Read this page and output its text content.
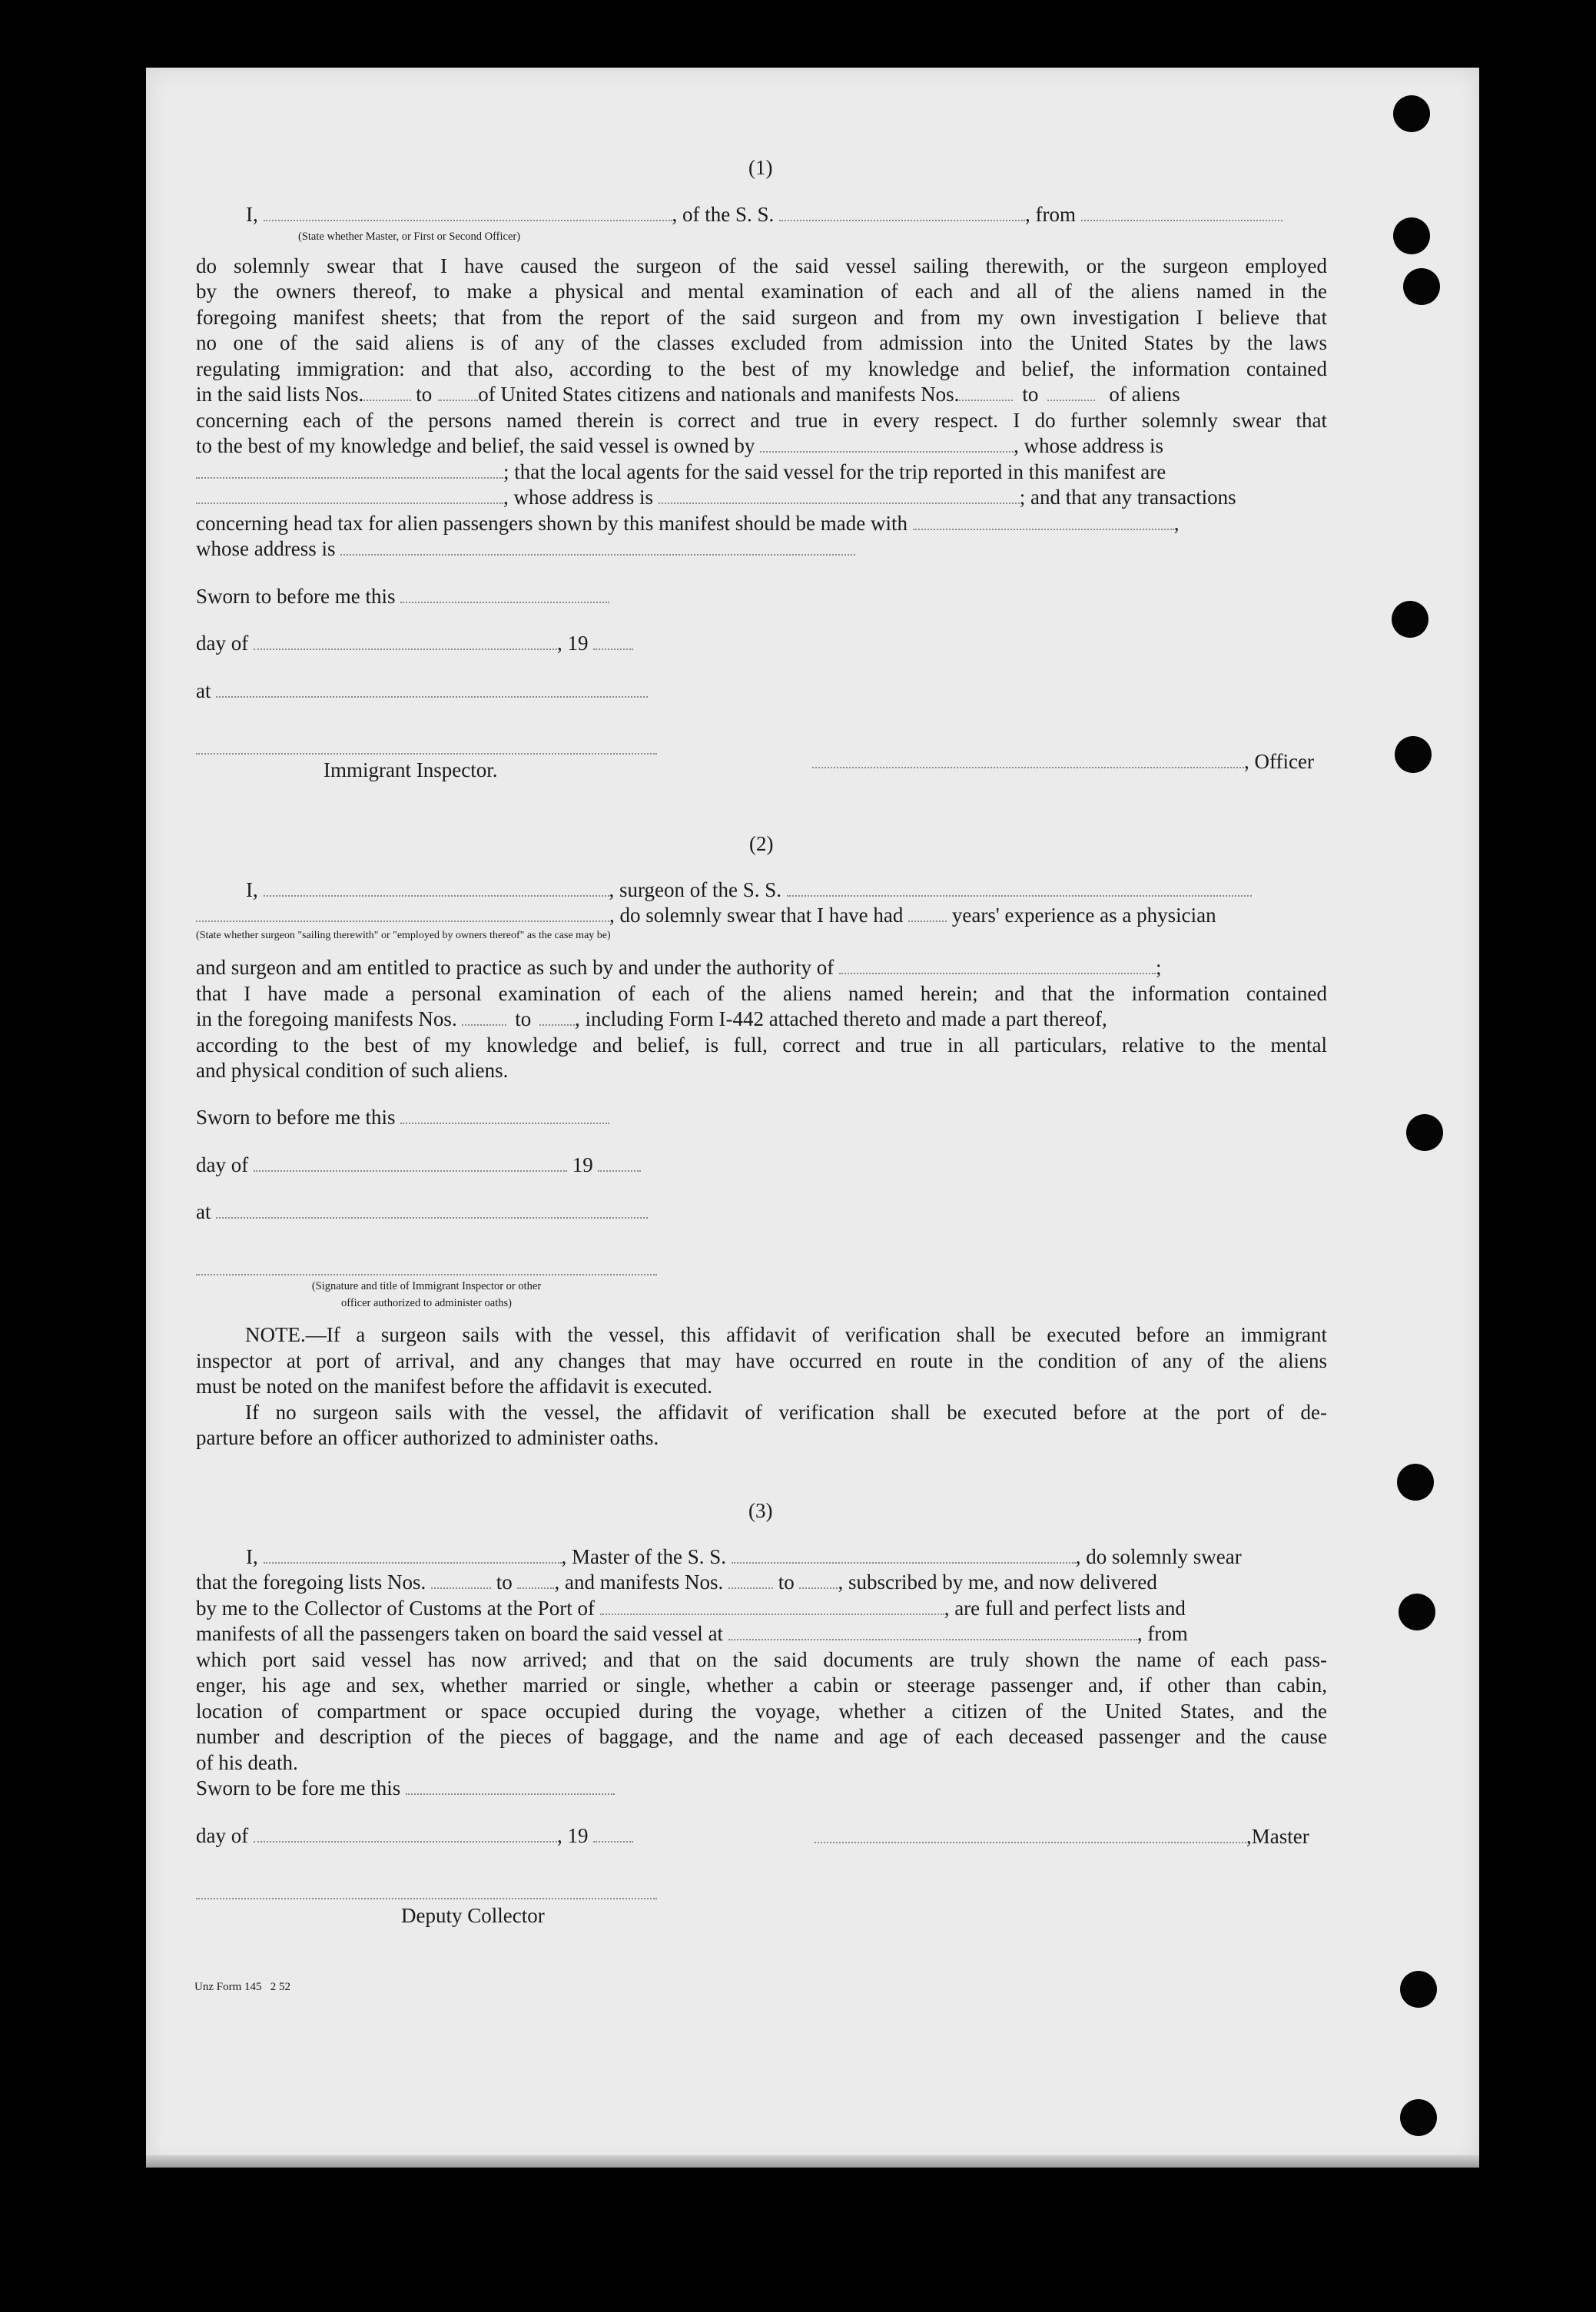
(1)
I,	, of the S. S.	, from
(State whether Master, or First or Second Officer)
do solemnly swear that I have caused the surgeon of the said vessel sailing therewith, or the surgeon employed
by the owners thereof, to make a physical and mental examination of each and all of the aliens named in the
foregoing manifest sheets; that from the report of the said surgeon and from my own investigation I believe that
no one of the said aliens is of any of the classes excluded from admission into the United States by the laws
regulating immigration: and that also, according to the best of my knowledge and belief, the information contained
in the said lists Nos.	to of United States citizens and nationals and manifests Nos.	to	of aliens
concerning each of the persons named therein is correct and true in every respect. I do further solemnly swear that
to the best of my knowledge and belief, the said vessel is owned by	, whose address is
; that the local agents for the said vessel for the trip reported in this manifest are
, whose address is	; and that any transactions
concerning head tax for alien passengers shown by this manifest should be made with	,
whose address is
Sworn to before me this
day of	, 19
at
Immigrant Inspector.	, Officer
(2)
I,	, surgeon of the S. S.
, do solemnly swear that I have had years' experience as a physician
(State whether surgeon "sailing therewith" or "employed by owners thereof" as the case may be)
and surgeon and am entitled to practice as such by and under the authority of	;
that I have made a personal examination of each of the aliens named herein; and that the information contained
in the foregoing manifests Nos.	to , including Form I-442 attached thereto and made a part thereof,
according to the best of my knowledge and belief, is full, correct and true in all particulars, relative to the mental
and physical condition of such aliens.
Sworn to before me this
day of	19
at
(Signature and title of Immigrant Inspector or other
officer authorized to administer oaths)
NOTE.—If a surgeon sails with the vessel, this affidavit of verification shall be executed before an immigrant
inspector at port of arrival, and any changes that may have occurred en route in the condition of any of the aliens
must be noted on the manifest before the affidavit is executed.
If no surgeon sails with the vessel, the affidavit of verification shall be executed before at the port of de-
parture before an officer authorized to administer oaths.
(3)
I,	, Master of the S. S.	, do solemnly swear
that the foregoing lists Nos.	to , and manifests Nos.	to , subscribed by me, and now delivered
by me to the Collector of Customs at the Port of	, are full and perfect lists and
manifests of all the passengers taken on board the said vessel at	, from
which port said vessel has now arrived; and that on the said documents are truly shown the name of each pass-
enger, his age and sex, whether married or single, whether a cabin or steerage passenger and, if other than cabin,
location of compartment or space occupied during the voyage, whether a citizen of the United States, and the
number and description of the pieces of baggage, and the name and age of each deceased passenger and the cause
of his death.
Sworn to be fore me this
day of	, 19	,Master
Deputy Collector
Unz Form 145   2 52
